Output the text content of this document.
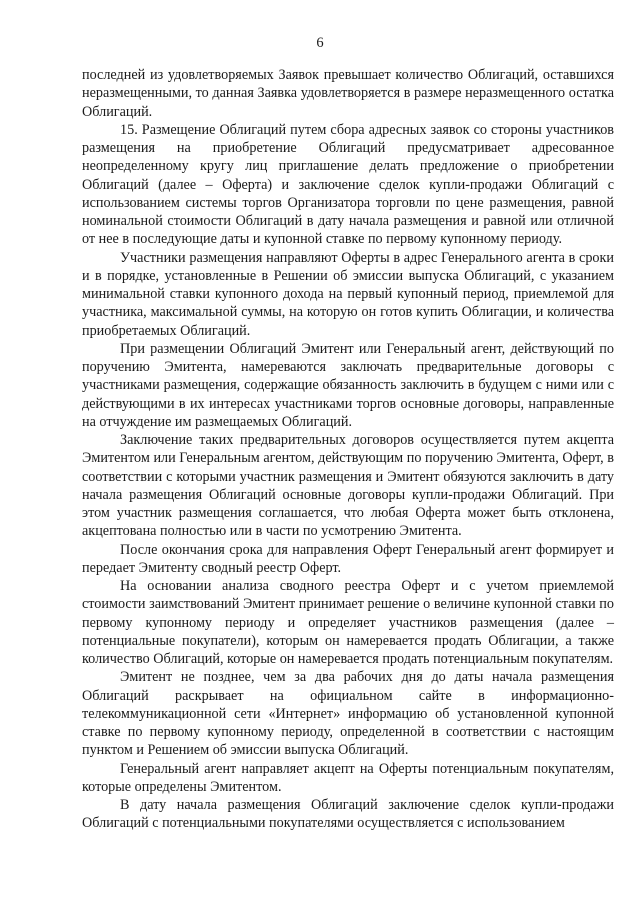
6

последней из удовлетворяемых Заявок превышает количество Облигаций, оставшихся неразмещенными, то данная Заявка удовлетворяется в размере неразмещенного остатка Облигаций.

15. Размещение Облигаций путем сбора адресных заявок со стороны участников размещения на приобретение Облигаций предусматривает адресованное неопределенному кругу лиц приглашение делать предложение о приобретении Облигаций (далее – Оферта) и заключение сделок купли-продажи Облигаций с использованием системы торгов Организатора торговли по цене размещения, равной номинальной стоимости Облигаций в дату начала размещения и равной или отличной от нее в последующие даты и купонной ставке по первому купонному периоду.

Участники размещения направляют Оферты в адрес Генерального агента в сроки и в порядке, установленные в Решении об эмиссии выпуска Облигаций, с указанием минимальной ставки купонного дохода на первый купонный период, приемлемой для участника, максимальной суммы, на которую он готов купить Облигации, и количества приобретаемых Облигаций.

При размещении Облигаций Эмитент или Генеральный агент, действующий по поручению Эмитента, намереваются заключать предварительные договоры с участниками размещения, содержащие обязанность заключить в будущем с ними или с действующими в их интересах участниками торгов основные договоры, направленные на отчуждение им размещаемых Облигаций.

Заключение таких предварительных договоров осуществляется путем акцепта Эмитентом или Генеральным агентом, действующим по поручению Эмитента, Оферт, в соответствии с которыми участник размещения и Эмитент обязуются заключить в дату начала размещения Облигаций основные договоры купли-продажи Облигаций. При этом участник размещения соглашается, что любая Оферта может быть отклонена, акцептована полностью или в части по усмотрению Эмитента.

После окончания срока для направления Оферт Генеральный агент формирует и передает Эмитенту сводный реестр Оферт.

На основании анализа сводного реестра Оферт и с учетом приемлемой стоимости заимствований Эмитент принимает решение о величине купонной ставки по первому купонному периоду и определяет участников размещения (далее – потенциальные покупатели), которым он намеревается продать Облигации, а также количество Облигаций, которые он намеревается продать потенциальным покупателям.

Эмитент не позднее, чем за два рабочих дня до даты начала размещения Облигаций раскрывает на официальном сайте в информационно-телекоммуникационной сети «Интернет» информацию об установленной купонной ставке по первому купонному периоду, определенной в соответствии с настоящим пунктом и Решением об эмиссии выпуска Облигаций.

Генеральный агент направляет акцепт на Оферты потенциальным покупателям, которые определены Эмитентом.

В дату начала размещения Облигаций заключение сделок купли-продажи Облигаций с потенциальными покупателями осуществляется с использованием
